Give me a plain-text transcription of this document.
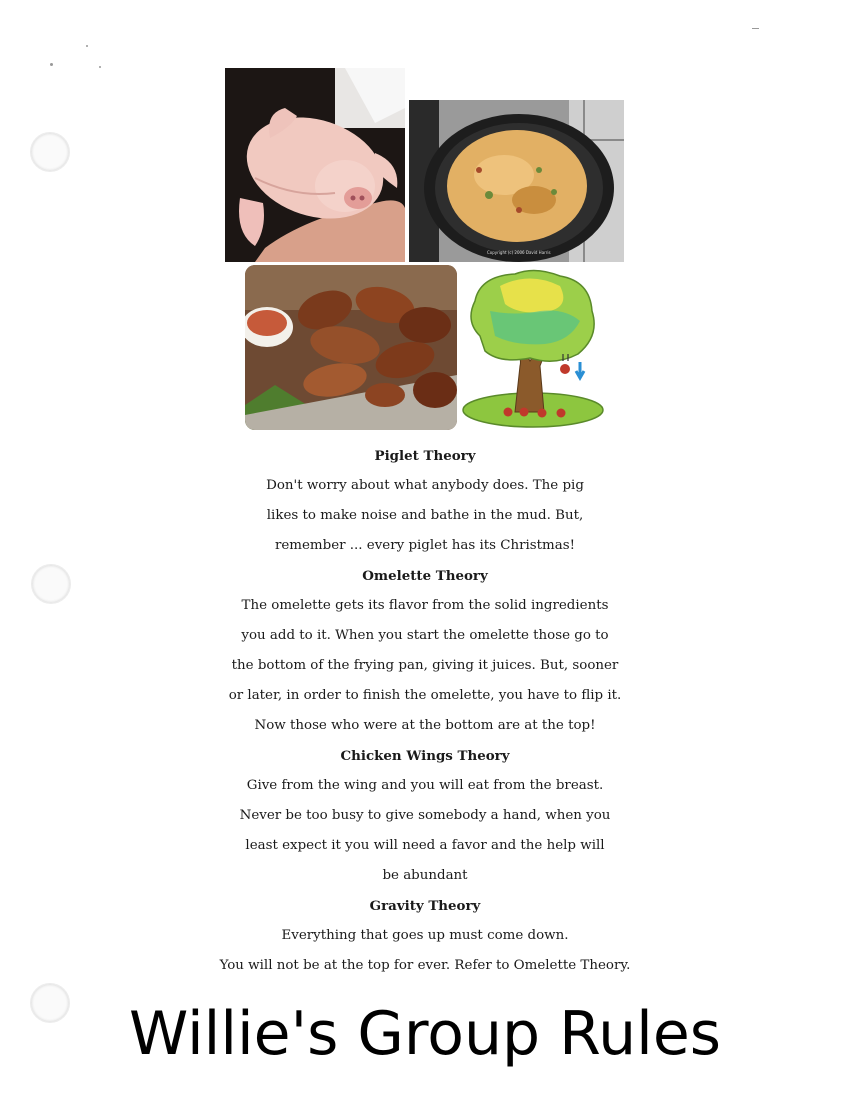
Copyright (c) 2006 David Harris
Piglet Theory
Don't worry about what anybody does. The pig
likes to make noise and bathe in the mud. But,
remember ... every piglet has its Christmas!
Omelette Theory
The omelette gets its flavor from the solid ingredients
you add to it. When you start the omelette those go to
the bottom of the frying pan, giving it juices. But, sooner
or later, in order to finish the omelette, you have to flip it.
Now those who were at the bottom are at the top!
Chicken Wings Theory
Give from the wing and you will eat from the breast.
Never be too busy to give somebody a hand, when you
least expect it you will need a favor and the help will
be abundant
Gravity Theory
Everything that goes up must come down.
You will not be at the top for ever. Refer to Omelette Theory.
Willie's Group Rules
